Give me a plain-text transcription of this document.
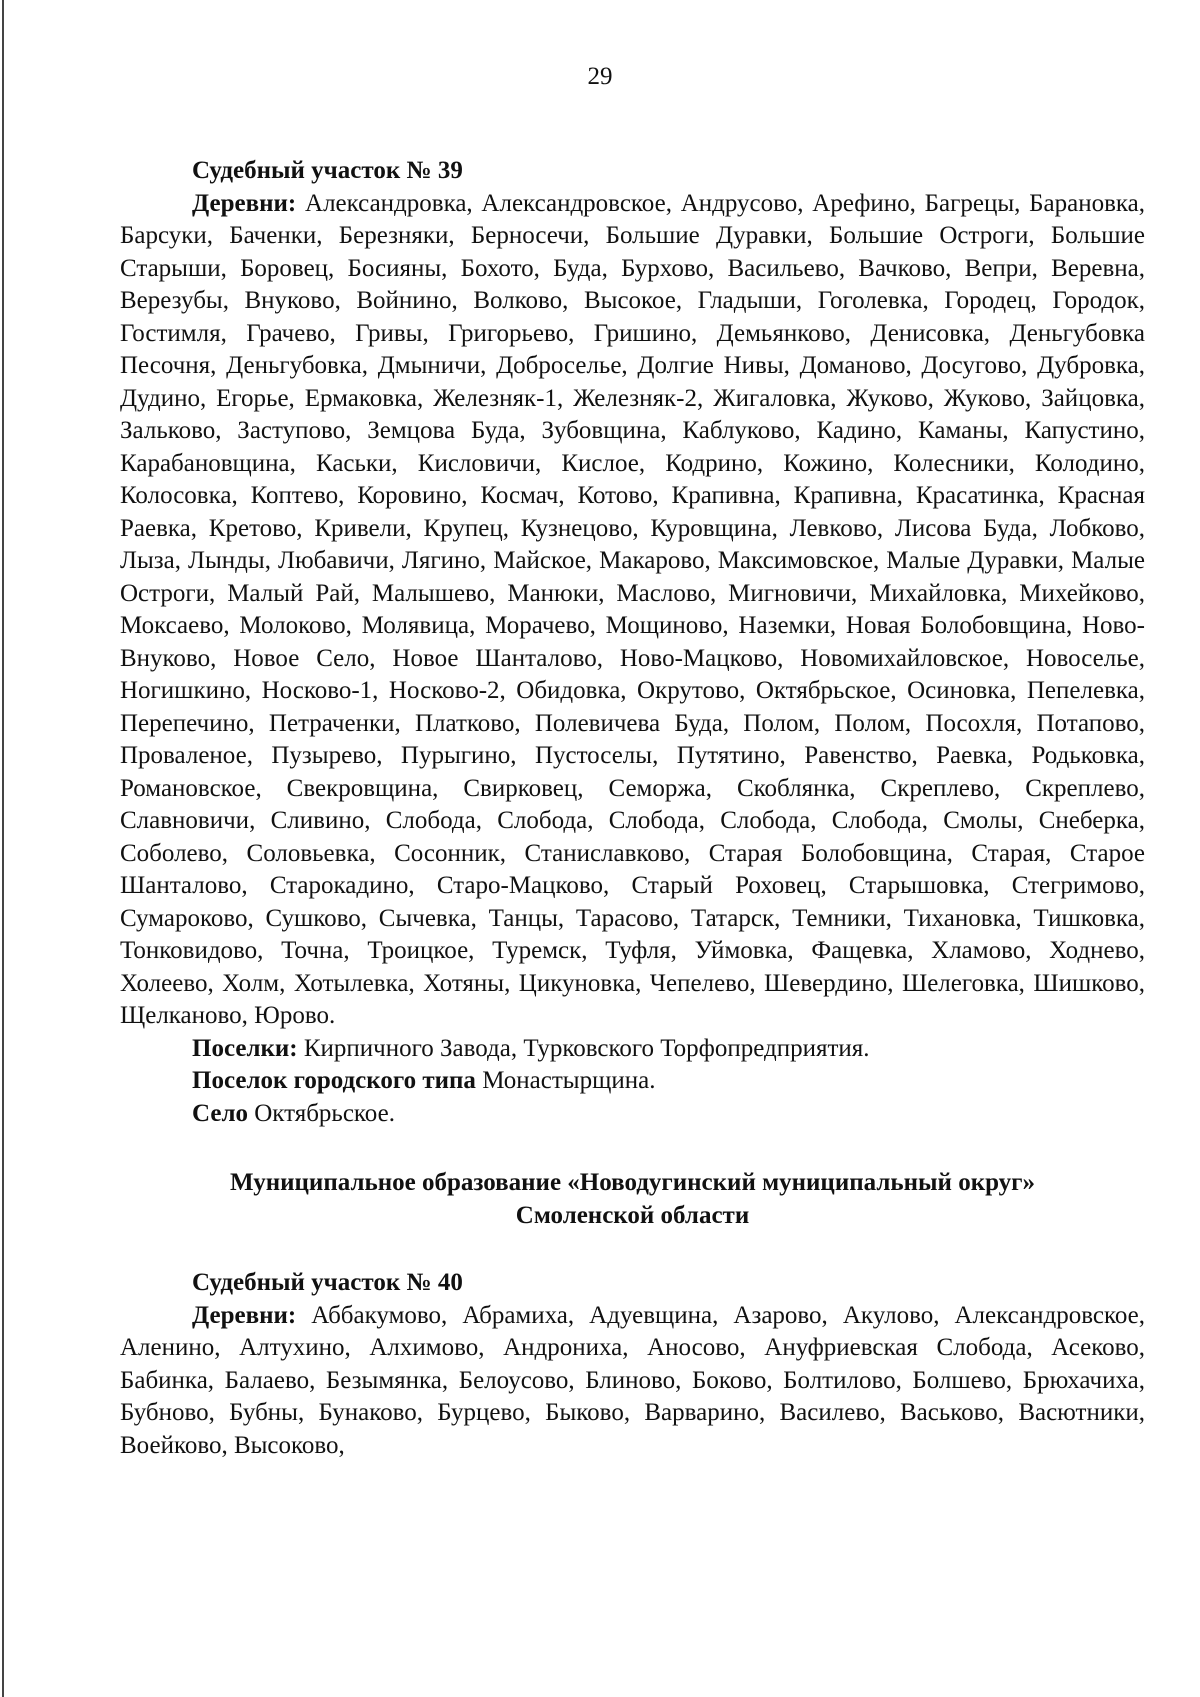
29

Судебный участок № 39

Деревни: Александровка, Александровское, Андрусово, Арефино, Багрецы, Барановка, Барсуки, Баченки, Березняки, Берносечи, Большие Дуравки, Большие Остроги, Большие Старыши, Боровец, Босияны, Бохото, Буда, Бурхово, Васильево, Вачково, Вепри, Веревна, Верезубы, Внуково, Войнино, Волково, Высокое, Гладыши, Гоголевка, Городец, Городок, Гостимля, Грачево, Гривы, Григорьево, Гришино, Демьянково, Денисовка, Деньгубовка Песочня, Деньгубовка, Дмыничи, Доброселье, Долгие Нивы, Доманово, Досугово, Дубровка, Дудино, Егорье, Ермаковка, Железняк-1, Железняк-2, Жигаловка, Жуково, Жуково, Зайцовка, Зальково, Заступово, Земцова Буда, Зубовщина, Каблуково, Кадино, Каманы, Капустино, Карабановщина, Каськи, Кисловичи, Кислое, Кодрино, Кожино, Колесники, Колодино, Колосовка, Коптево, Коровино, Космач, Котово, Крапивна, Крапивна, Красатинка, Красная Раевка, Кретово, Кривели, Крупец, Кузнецово, Куровщина, Левково, Лисова Буда, Лобково, Лыза, Лынды, Любавичи, Лягино, Майское, Макарово, Максимовское, Малые Дуравки, Малые Остроги, Малый Рай, Малышево, Манюки, Маслово, Мигновичи, Михайловка, Михейково, Моксаево, Молоково, Молявица, Морачево, Мощиново, Наземки, Новая Болобовщина, Ново-Внуково, Новое Село, Новое Шанталово, Ново-Мацково, Новомихайловское, Новоселье, Ногишкино, Носково-1, Носково-2, Обидовка, Окрутово, Октябрьское, Осиновка, Пепелевка, Перепечино, Петраченки, Платково, Полевичева Буда, Полом, Полом, Посохля, Потапово, Проваленое, Пузырево, Пурыгино, Пустоселы, Путятино, Равенство, Раевка, Родьковка, Романовское, Свекровщина, Свирковец, Семоржа, Скоблянка, Скреплево, Скреплево, Славновичи, Сливино, Слобода, Слобода, Слобода, Слобода, Слобода, Смолы, Снеберка, Соболево, Соловьевка, Сосонник, Станиславково, Старая Болобовщина, Старая, Старое Шанталово, Старокадино, Старо-Мацково, Старый Роховец, Старышовка, Стегримово, Сумароково, Сушково, Сычевка, Танцы, Тарасово, Татарск, Темники, Тихановка, Тишковка, Тонковидово, Точна, Троицкое, Туремск, Туфля, Уймовка, Фащевка, Хламово, Ходнево, Холеево, Холм, Хотылевка, Хотяны, Цикуновка, Чепелево, Шевердино, Шелеговка, Шишково, Щелканово, Юрово.

Поселки: Кирпичного Завода, Турковского Торфопредприятия.

Поселок городского типа Монастырщина.

Село Октябрьское.

Муниципальное образование «Новодугинский муниципальный округ»
Смоленской области

Судебный участок № 40

Деревни: Аббакумово, Абрамиха, Адуевщина, Азарово, Акулово, Александровское, Аленино, Алтухино, Алхимово, Андрониха, Аносово, Ануфриевская Слобода, Асеково, Бабинка, Балаево, Безымянка, Белоусово, Блиново, Боково, Болтилово, Болшево, Брюхачиха, Бубново, Бубны, Бунаково, Бурцево, Быково, Варварино, Василево, Васьково, Васютники, Воейково, Высоково,
